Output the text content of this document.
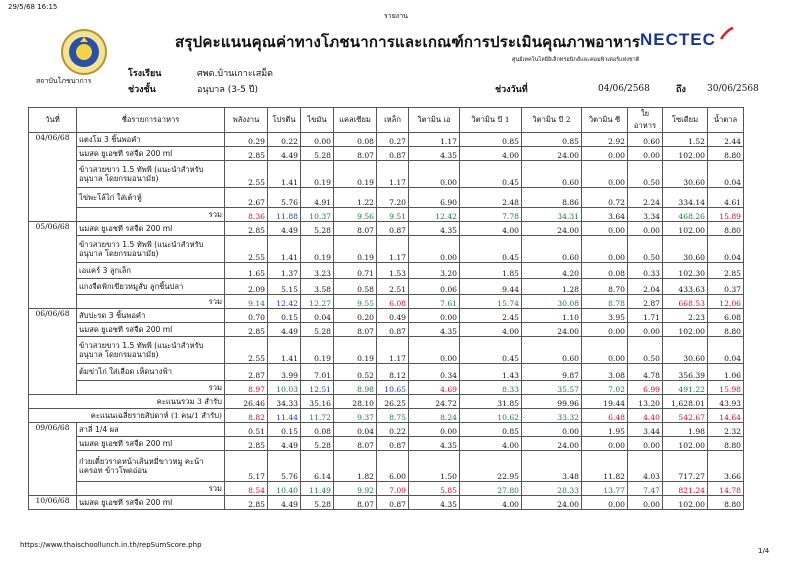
29/5/68 16:15
รายงาน
สถาบันโภชนาการ
สรุปคะแนนคุณค่าทางโภชนาการและเกณฑ์การประเมินคุณภาพอาหาร NECTEC
ศูนย์เทคโนโลยีอิเล็กทรอนิกส์และคอมพิวเตอร์แห่งชาติ
โรงเรียน	ศพด.บ้านเกาะเสม็ด
ช่วงชั้น	อนุบาล (3-5 ปี)	ช่วงวันที่	04/06/2568	ถึง 30/06/2568
วันที่	ชื่อรายการอาหาร	พลังงาน	โปรตีน	ไขมัน	แคลเซียม	เหล็ก	วิตามิน เอ	วิตามิน บี 1	วิตามิน บี 2	วิตามิน ซี	ใยอาหาร	โซเดียม	น้ำตาล
04/06/68	แตงโม 3 ชิ้นพอคำ	0.29	0.22	0.00	0.08	0.27	1.17	0.85	0.85	2.92	0.60	1.52	2.44
	นมสด ยูเอชที รสจืด 200 ml	2.85	4.49	5.28	8.07	0.87	4.35	4.00	24.00	0.00	0.00	102.00	8.80
	ข้าวสวยขาว 1.5 ทัพพี (แนะนำสำหรับอนุบาล โดยกรมอนามัย)	2.55	1.41	0.19	0.19	1.17	0.00	0.45	0.60	0.00	0.50	30.60	0.04
	ไข่พะโล้ไก่ ใส่เต้าหู้	2.67	5.76	4.91	1.22	7.20	6.90	2.48	8.86	0.72	2.24	334.14	4.61
	รวม	8.36	11.88	10.37	9.56	9.51	12.42	7.78	34.31	3.64	3.34	468.26	15.89
05/06/68	นมสด ยูเอชที รสจืด 200 ml	2.85	4.49	5.28	8.07	0.87	4.35	4.00	24.00	0.00	0.00	102.00	8.80
	ข้าวสวยขาว 1.5 ทัพพี (แนะนำสำหรับอนุบาล โดยกรมอนามัย)	2.55	1.41	0.19	0.19	1.17	0.00	0.45	0.60	0.00	0.50	30.60	0.04
	เอแคร์ 3 ลูกเล็ก	1.65	1.37	3.23	0.71	1.53	3.20	1.85	4.20	0.08	0.33	102.30	2.85
	แกงจืดฟักเขียวหมูสับ ลูกชิ้นปลา	2.09	5.15	3.58	0.58	2.51	0.06	9.44	1.28	8.70	2.04	433.63	0.37
	รวม	9.14	12.42	12.27	9.55	6.08	7.61	15.74	30.08	8.78	2.87	668.53	12.06
06/06/68	สับปะรด 3 ชิ้นพอคำ	0.70	0.15	0.04	0.20	0.49	0.00	2.45	1.10	3.95	1.71	2.23	6.08
	นมสด ยูเอชที รสจืด 200 ml	2.85	4.49	5.28	8.07	0.87	4.35	4.00	24.00	0.00	0.00	102.00	8.80
	ข้าวสวยขาว 1.5 ทัพพี (แนะนำสำหรับอนุบาล โดยกรมอนามัย)	2.55	1.41	0.19	0.19	1.17	0.00	0.45	0.60	0.00	0.50	30.60	0.04
	ต้มข่าไก่ ใส่เลือด เห็ดนางฟ้า	2.87	3.99	7.01	0.52	8.12	0.34	1.43	9.87	3.08	4.78	356.39	1.06
	รวม	8.97	10.03	12.51	8.98	10.65	4.69	8.33	35.57	7.02	6.99	491.22	15.98
คะแนนรวม 3 สำรับ		26.46	34.33	35.16	28.10	26.25	24.72	31.85	99.96	19.44	13.20	1,628.01	43.93
คะแนนเฉลี่ยรายสัปดาห์ (1 คน/1 สำรับ)		8.82	11.44	11.72	9.37	8.75	8.24	10.62	33.32	6.48	4.40	542.67	14.64
09/06/68	สาลี่ 1/4 ผล	0.51	0.15	0.08	0.04	0.22	0.00	0.85	0.00	1.95	3.44	1.98	2.32
	นมสด ยูเอชที รสจืด 200 ml	2.85	4.49	5.28	8.07	0.87	4.35	4.00	24.00	0.00	0.00	102.00	8.80
	ก๋วยเตี๋ยวราดหน้าเส้นหมี่ขาวหมู คะน้า แครอท ข้าวโพดอ่อน	5.17	5.76	6.14	1.82	6.00	1.50	22.95	3.48	11.82	4.03	717.27	3.66
	รวม	8.54	10.40	11.49	9.92	7.09	5.85	27.80	28.33	13.77	7.47	821.24	14.78
10/06/68	นมสด ยูเอชที รสจืด 200 ml	2.85	4.49	5.28	8.07	0.87	4.35	4.00	24.00	0.00	0.00	102.00	8.80
https://www.thaischoollunch.in.th/repSumScore.php
1/4
